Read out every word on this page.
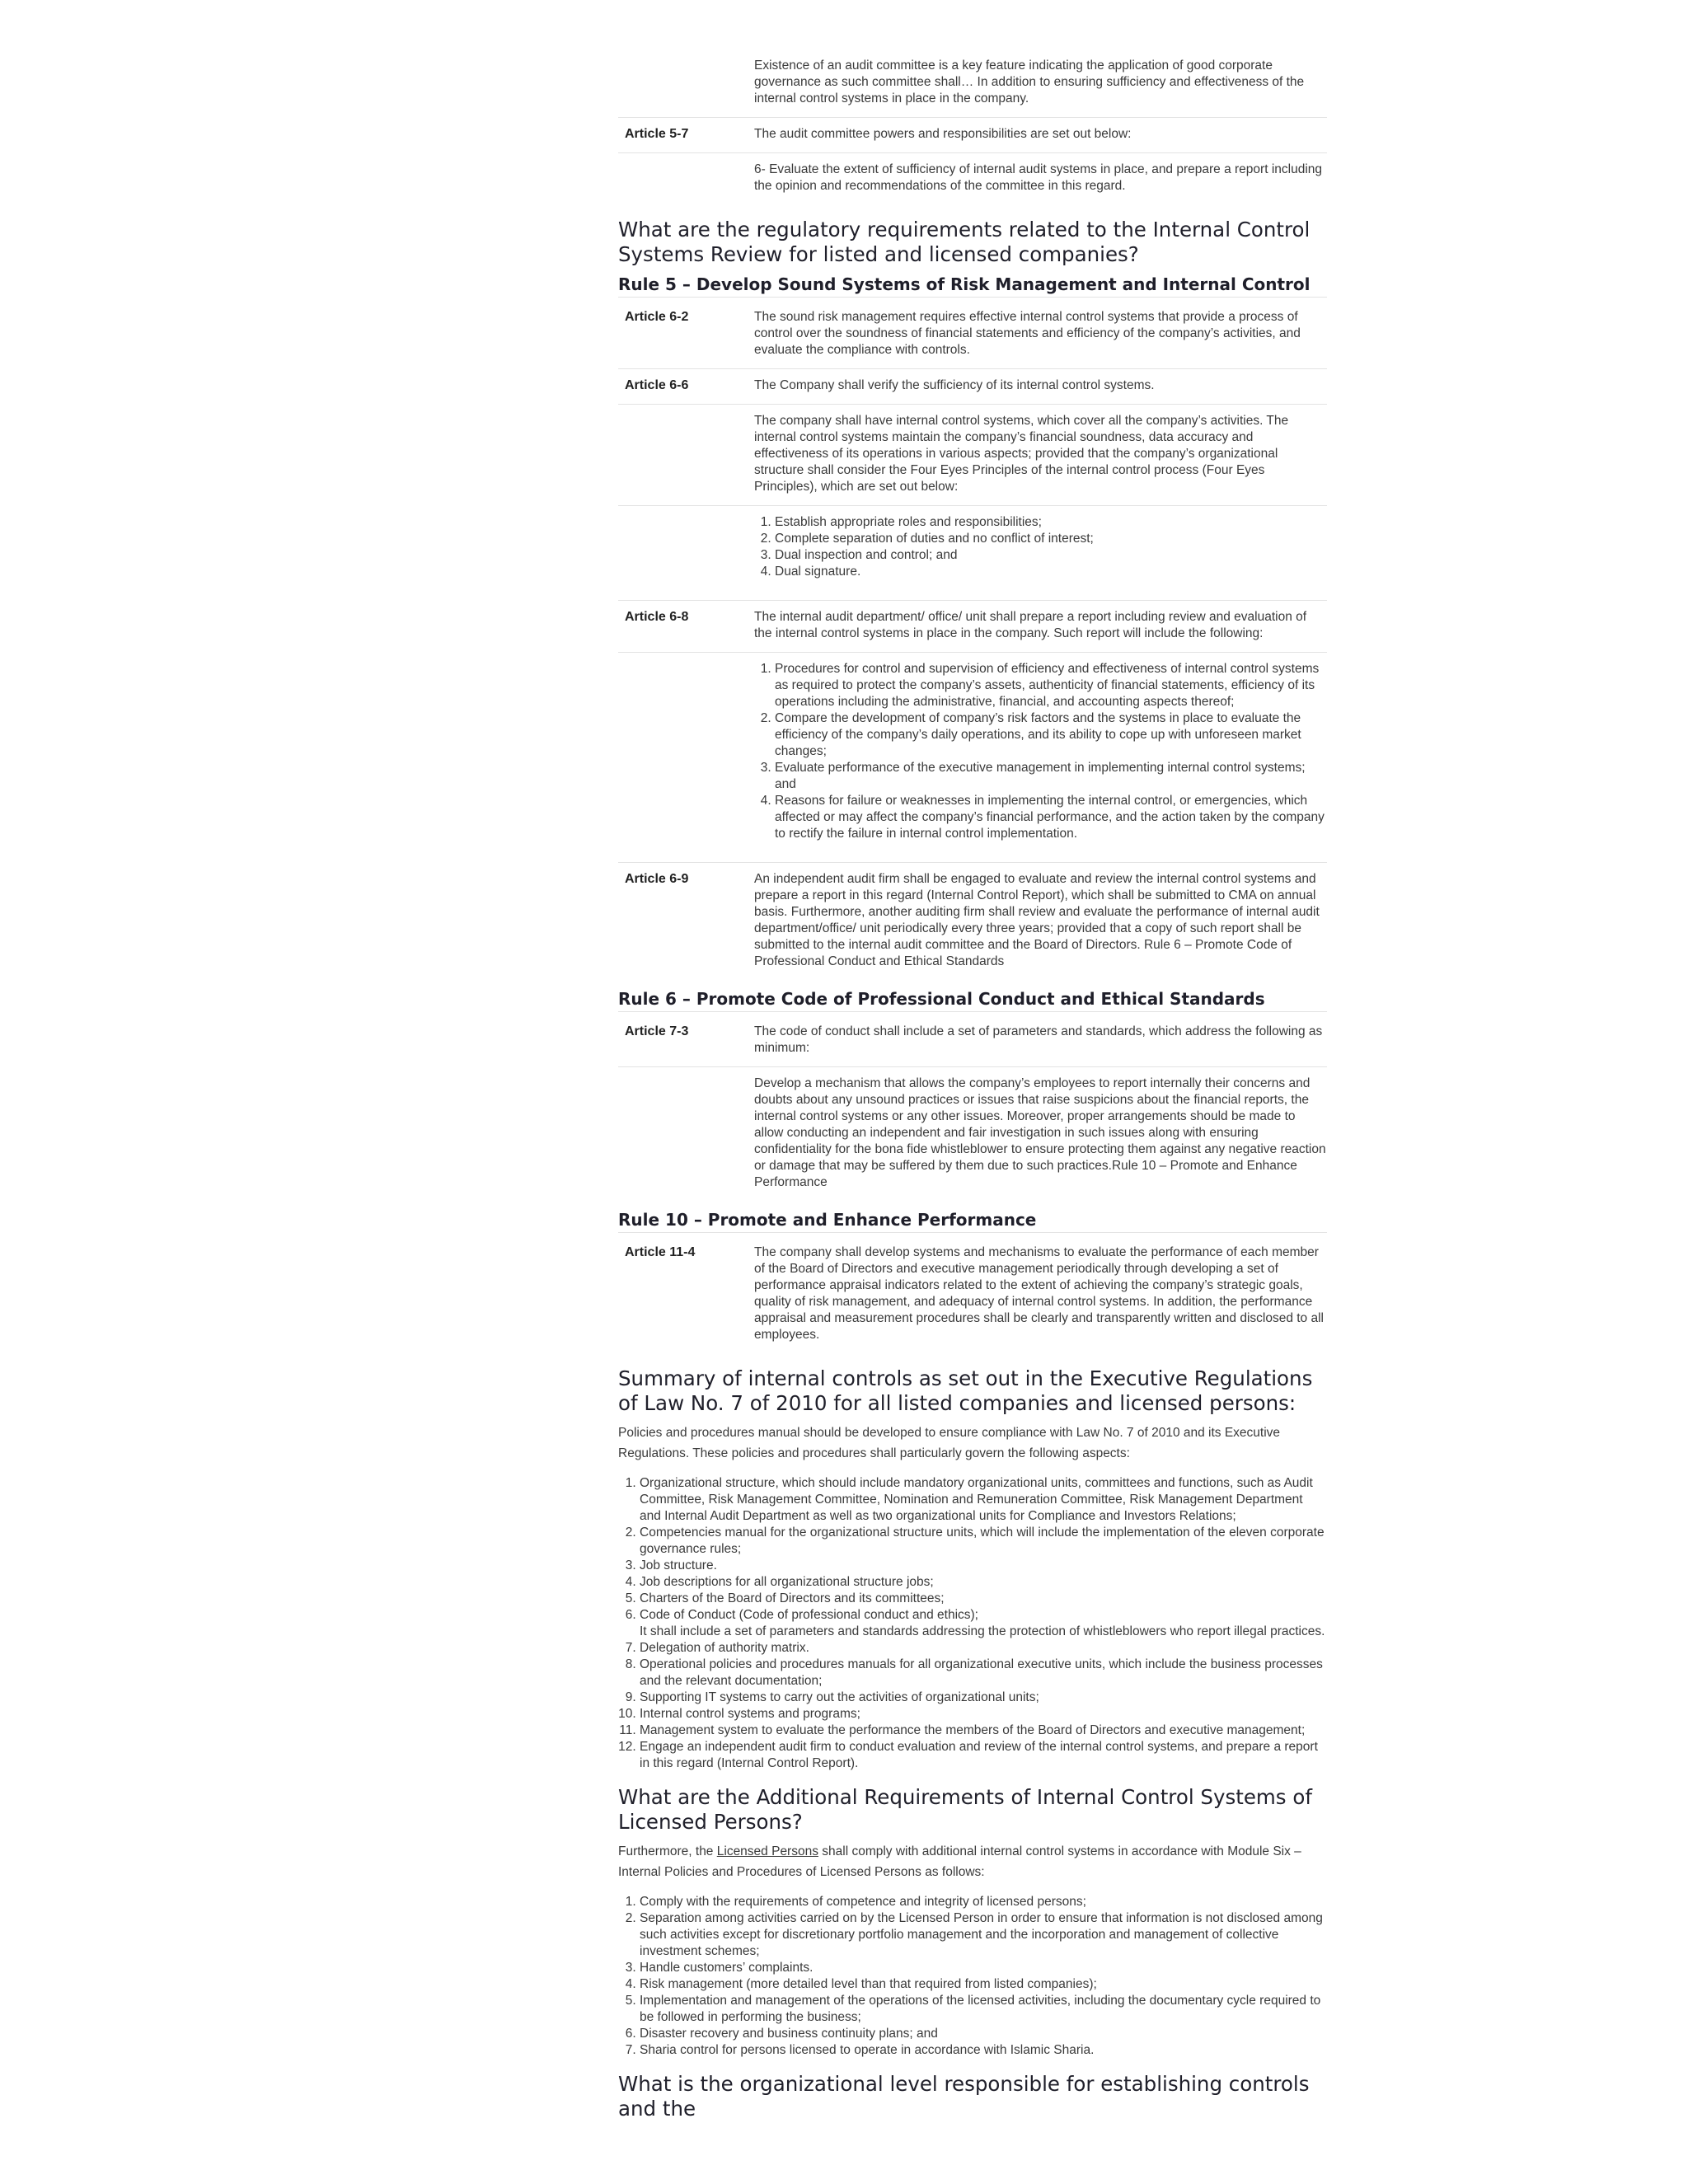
Existence of an audit committee is a key feature indicating the application of good corporate governance as such committee shall… In addition to ensuring sufficiency and effectiveness of the internal control systems in place in the company.
Article 5-7	The audit committee powers and responsibilities are set out below:
6- Evaluate the extent of sufficiency of internal audit systems in place, and prepare a report including the opinion and recommendations of the committee in this regard.
What are the regulatory requirements related to the Internal Control Systems Review for listed and licensed companies?
Rule 5 – Develop Sound Systems of Risk Management and Internal Control
Article 6-2	The sound risk management requires effective internal control systems that provide a process of control over the soundness of financial statements and efficiency of the company’s activities, and evaluate the compliance with controls.
Article 6-6	The Company shall verify the sufficiency of its internal control systems.
The company shall have internal control systems, which cover all the company’s activities. The internal control systems maintain the company’s financial soundness, data accuracy and effectiveness of its operations in various aspects; provided that the company’s organizational structure shall consider the Four Eyes Principles of the internal control process (Four Eyes Principles), which are set out below:
1. Establish appropriate roles and responsibilities;
2. Complete separation of duties and no conflict of interest;
3. Dual inspection and control; and
4. Dual signature.
Article 6-8	The internal audit department/ office/ unit shall prepare a report including review and evaluation of the internal control systems in place in the company. Such report will include the following:
1. Procedures for control and supervision of efficiency and effectiveness of internal control systems as required to protect the company’s assets, authenticity of financial statements, efficiency of its operations including the administrative, financial, and accounting aspects thereof;
2. Compare the development of company’s risk factors and the systems in place to evaluate the efficiency of the company’s daily operations, and its ability to cope up with unforeseen market changes;
3. Evaluate performance of the executive management in implementing internal control systems; and
4. Reasons for failure or weaknesses in implementing the internal control, or emergencies, which affected or may affect the company’s financial performance, and the action taken by the company to rectify the failure in internal control implementation.
Article 6-9	An independent audit firm shall be engaged to evaluate and review the internal control systems and prepare a report in this regard (Internal Control Report), which shall be submitted to CMA on annual basis. Furthermore, another auditing firm shall review and evaluate the performance of internal audit department/office/ unit periodically every three years; provided that a copy of such report shall be submitted to the internal audit committee and the Board of Directors. Rule 6 – Promote Code of Professional Conduct and Ethical Standards
Rule 6 – Promote Code of Professional Conduct and Ethical Standards
Article 7-3	The code of conduct shall include a set of parameters and standards, which address the following as minimum:
Develop a mechanism that allows the company’s employees to report internally their concerns and doubts about any unsound practices or issues that raise suspicions about the financial reports, the internal control systems or any other issues. Moreover, proper arrangements should be made to allow conducting an independent and fair investigation in such issues along with ensuring confidentiality for the bona fide whistleblower to ensure protecting them against any negative reaction or damage that may be suffered by them due to such practices.Rule 10 – Promote and Enhance Performance
Rule 10 – Promote and Enhance Performance
Article 11-4	The company shall develop systems and mechanisms to evaluate the performance of each member of the Board of Directors and executive management periodically through developing a set of performance appraisal indicators related to the extent of achieving the company’s strategic goals, quality of risk management, and adequacy of internal control systems. In addition, the performance appraisal and measurement procedures shall be clearly and transparently written and disclosed to all employees.
Summary of internal controls as set out in the Executive Regulations of Law No. 7 of 2010 for all listed companies and licensed persons:

Policies and procedures manual should be developed to ensure compliance with Law No. 7 of 2010 and its Executive Regulations. These policies and procedures shall particularly govern the following aspects:

1. Organizational structure, which should include mandatory organizational units, committees and functions, such as Audit Committee, Risk Management Committee, Nomination and Remuneration Committee, Risk Management Department and Internal Audit Department as well as two organizational units for Compliance and Investors Relations;
2. Competencies manual for the organizational structure units, which will include the implementation of the eleven corporate governance rules;
3. Job structure.
4. Job descriptions for all organizational structure jobs;
5. Charters of the Board of Directors and its committees;
6. Code of Conduct (Code of professional conduct and ethics);
It shall include a set of parameters and standards addressing the protection of whistleblowers who report illegal practices.
7. Delegation of authority matrix.
8. Operational policies and procedures manuals for all organizational executive units, which include the business processes and the relevant documentation;
9. Supporting IT systems to carry out the activities of organizational units;
10. Internal control systems and programs;
11. Management system to evaluate the performance the members of the Board of Directors and executive management;
12. Engage an independent audit firm to conduct evaluation and review of the internal control systems, and prepare a report in this regard (Internal Control Report).
What are the Additional Requirements of Internal Control Systems of Licensed Persons?

Furthermore, the Licensed Persons shall comply with additional internal control systems in accordance with Module Six – Internal Policies and Procedures of Licensed Persons as follows:

1. Comply with the requirements of competence and integrity of licensed persons;
2. Separation among activities carried on by the Licensed Person in order to ensure that information is not disclosed among such activities except for discretionary portfolio management and the incorporation and management of collective investment schemes;
3. Handle customers’ complaints.
4. Risk management (more detailed level than that required from listed companies);
5. Implementation and management of the operations of the licensed activities, including the documentary cycle required to be followed in performing the business;
6. Disaster recovery and business continuity plans; and
7. Sharia control for persons licensed to operate in accordance with Islamic Sharia.
What is the organizational level responsible for establishing controls and the
